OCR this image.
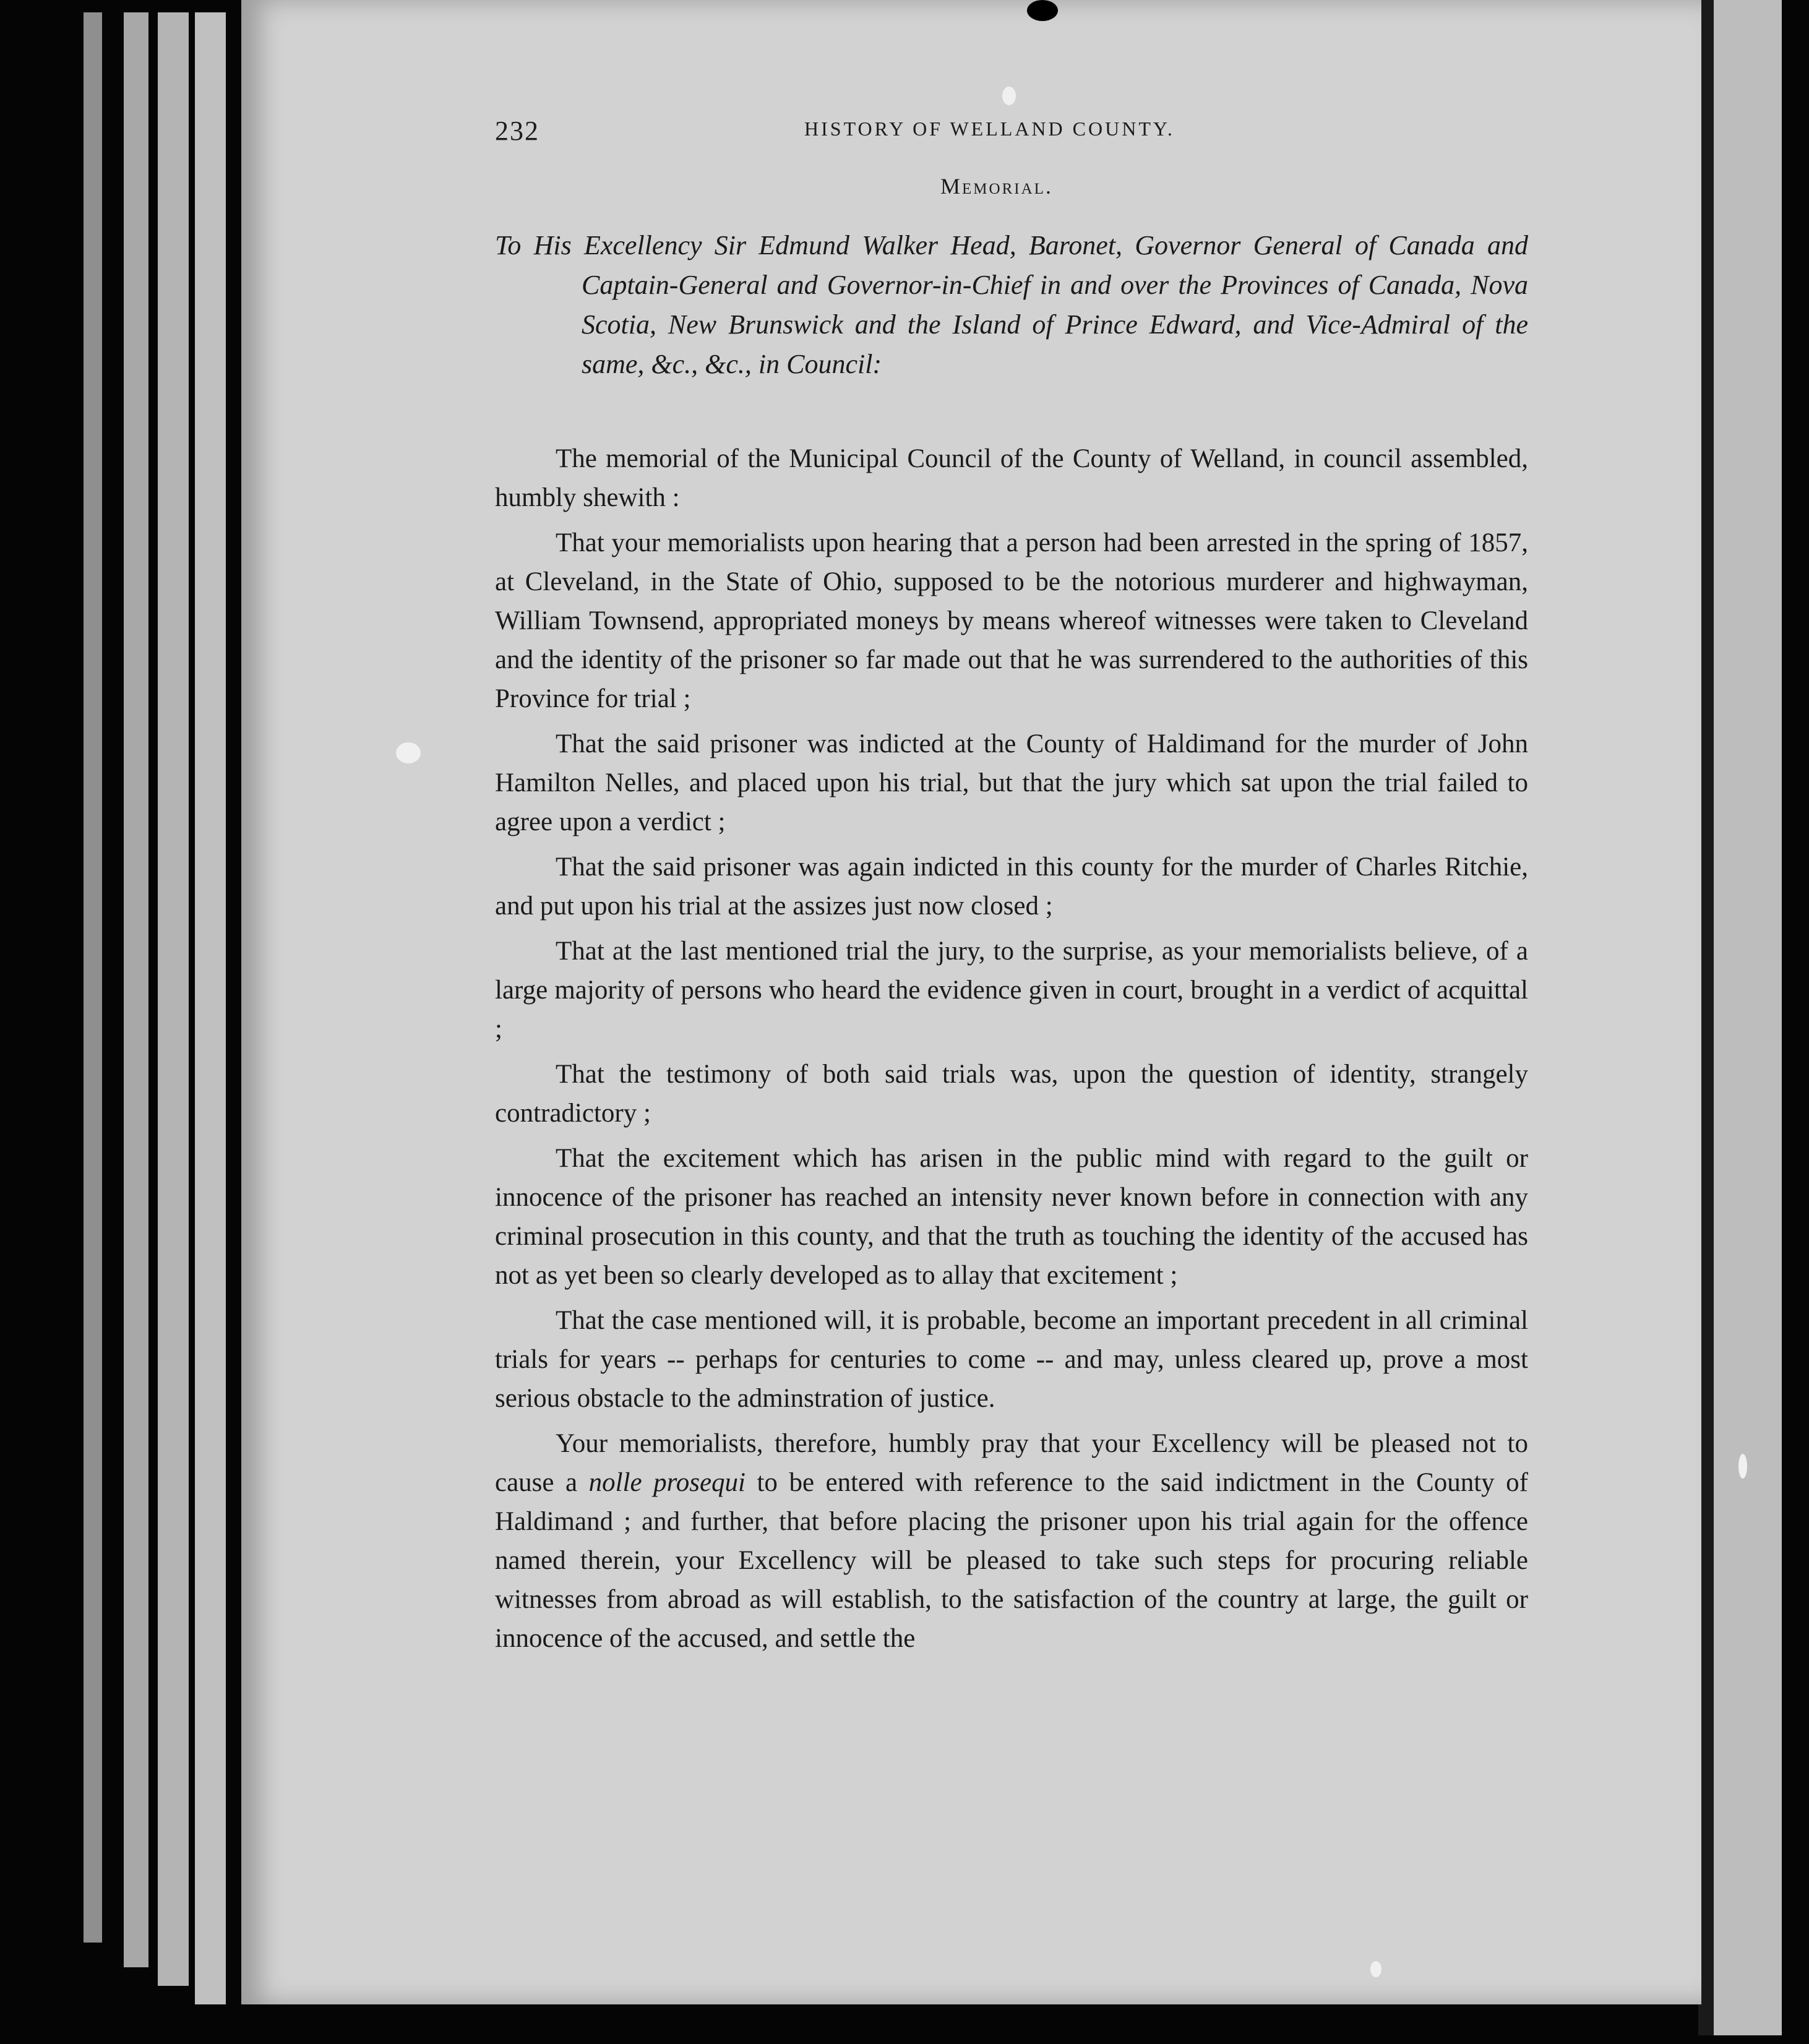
232	HISTORY OF WELLAND COUNTY.
Memorial.
To His Excellency Sir Edmund Walker Head, Baronet, Governor General of Canada and Captain-General and Governor-in-Chief in and over the Provinces of Canada, Nova Scotia, New Brunswick and the Island of Prince Edward, and Vice-Admiral of the same, &c., &c., in Council:

The memorial of the Municipal Council of the County of Welland, in council assembled, humbly shewith :

That your memorialists upon hearing that a person had been arrested in the spring of 1857, at Cleveland, in the State of Ohio, supposed to be the notorious murderer and highwayman, William Townsend, appropriated moneys by means whereof witnesses were taken to Cleveland and the identity of the prisoner so far made out that he was surrendered to the authorities of this Province for trial ;

That the said prisoner was indicted at the County of Haldimand for the murder of John Hamilton Nelles, and placed upon his trial, but that the jury which sat upon the trial failed to agree upon a verdict ;

That the said prisoner was again indicted in this county for the murder of Charles Ritchie, and put upon his trial at the assizes just now closed ;

That at the last mentioned trial the jury, to the surprise, as your memorialists believe, of a large majority of persons who heard the evidence given in court, brought in a verdict of acquittal ;

That the testimony of both said trials was, upon the question of identity, strangely contradictory ;

That the excitement which has arisen in the public mind with regard to the guilt or innocence of the prisoner has reached an intensity never known before in connection with any criminal prosecution in this county, and that the truth as touching the identity of the accused has not as yet been so clearly developed as to allay that excitement ;

That the case mentioned will, it is probable, become an important precedent in all criminal trials for years -- perhaps for centuries to come -- and may, unless cleared up, prove a most serious obstacle to the adminstration of justice.

Your memorialists, therefore, humbly pray that your Excellency will be pleased not to cause a nolle prosequi to be entered with reference to the said indictment in the County of Haldimand ; and further, that before placing the prisoner upon his trial again for the offence named therein, your Excellency will be pleased to take such steps for procuring reliable witnesses from abroad as will establish, to the satisfaction of the country at large, the guilt or innocence of the accused, and settle the
